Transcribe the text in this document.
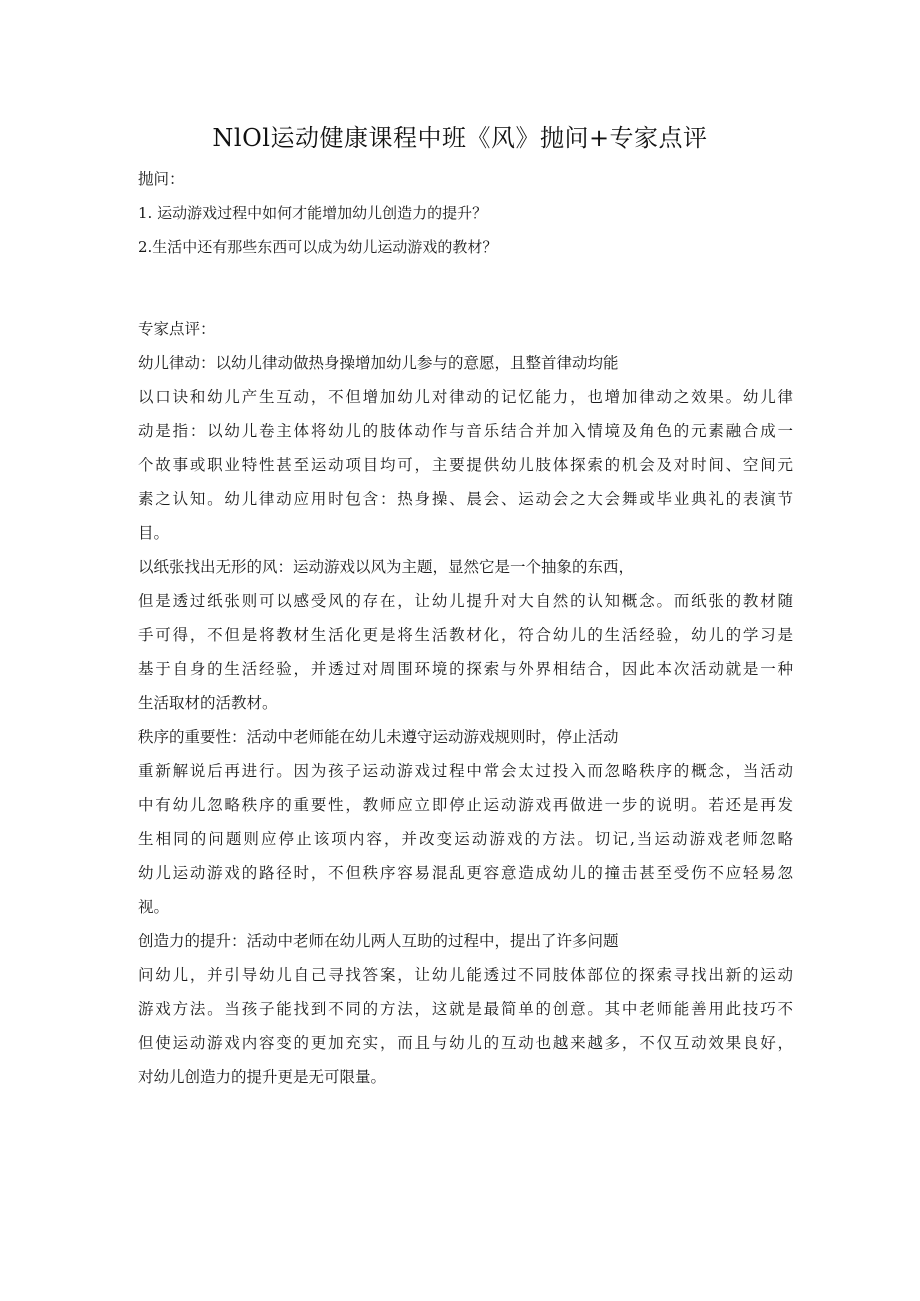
NlOl运动健康课程中班《风》抛问+专家点评
抛问：
1. 运动游戏过程中如何才能增加幼儿创造力的提升？
2.生活中还有那些东西可以成为幼儿运动游戏的教材？
专家点评：
幼儿律动：以幼儿律动做热身操增加幼儿参与的意愿，且整首律动均能
以口诀和幼儿产生互动，不但增加幼儿对律动的记忆能力，也增加律动之效果。幼儿律
动是指：以幼儿卷主体将幼儿的肢体动作与音乐结合并加入情境及角色的元素融合成一
个故事或职业特性甚至运动项目均可，主要提供幼儿肢体探索的机会及对时间、空间元
素之认知。幼儿律动应用时包含：热身操、晨会、运动会之大会舞或毕业典礼的表演节
目。
以纸张找出无形的风：运动游戏以风为主题，显然它是一个抽象的东西，
但是透过纸张则可以感受风的存在，让幼儿提升对大自然的认知概念。而纸张的教材随
手可得，不但是将教材生活化更是将生活教材化，符合幼儿的生活经验，幼儿的学习是
基于自身的生活经验，并透过对周围环境的探索与外界相结合，因此本次活动就是一种
生活取材的活教材。
秩序的重要性：活动中老师能在幼儿未遵守运动游戏规则时，停止活动
重新解说后再进行。因为孩子运动游戏过程中常会太过投入而忽略秩序的概念，当活动
中有幼儿忽略秩序的重要性，教师应立即停止运动游戏再做进一步的说明。若还是再发
生相同的问题则应停止该项内容，并改变运动游戏的方法。切记,当运动游戏老师忽略
幼儿运动游戏的路径时，不但秩序容易混乱更容意造成幼儿的撞击甚至受伤不应轻易忽
视。
创造力的提升：活动中老师在幼儿两人互助的过程中，提出了许多问题
问幼儿，并引导幼儿自己寻找答案，让幼儿能透过不同肢体部位的探索寻找出新的运动
游戏方法。当孩子能找到不同的方法，这就是最简单的创意。其中老师能善用此技巧不
但使运动游戏内容变的更加充实，而且与幼儿的互动也越来越多，不仅互动效果良好，
对幼儿创造力的提升更是无可限量。
